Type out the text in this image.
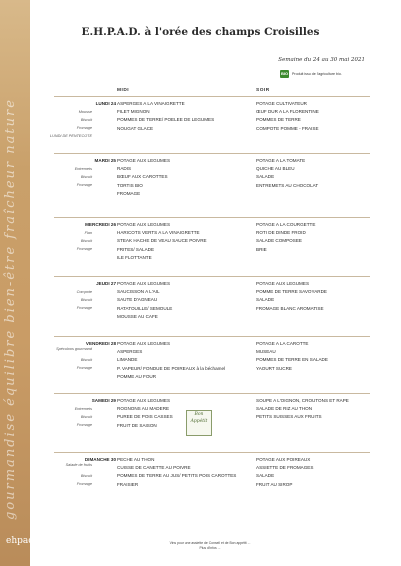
gourmandise équilibre bien-être fraîcheur nature
ehpad
E.H.P.A.D. à l'orée des champs Croisilles
Semaine du 24 au 30 mai 2021
BIO Produit issu de l'agriculture bio.
MIDI	SOIR
LUNDI 24 ASPERGES A LA VINAIGRETTE	POTAGE CULTIVATEUR
Mousse	FILET MIGNON	ŒUF DUR A LA FLORENTINE
Biscuit	POMMES DE TERRE/ POELEE DE LEGUMES	POMMES DE TERRE
Fromage	NOUGAT GLACE	COMPOTE POMME - FRAISE
LUNDI DE PENTECOTE
MARDI 25 POTAGE AUX LEGUMES	POTAGE A LA TOMATE
Entremets	RADIS	QUICHE AU BLEU
Biscuit	BŒUF AUX CAROTTES	SALADE
Fromage	TORTIS BIO	ENTREMETS AU CHOCOLAT
FROMAGE
MERCREDI 26 POTAGE AUX LEGUMES	POTAGE A LA COURGETTE
Flan	HARICOTS VERTS A LA VINAIGRETTE	ROTI DE DINDE FROID
Biscuit	STEAK HACHE DE VEAU SAUCE POIVRE	SALADE COMPOSEE
Fromage	FRITES/ SALADE	BRIE
ILE FLOTTANTE
JEUDI 27 POTAGE AUX LEGUMES	POTAGE AUX LEGUMES
Compote	SAUCISSON A L'AIL	POMME DE TERRE SAVOYARDE
Biscuit	SAUTE D'AGNEAU	SALADE
Fromage	RATATOUILLE/ SEMOULE	FROMAGE BLANC AROMATISE
MOUSSE AU CAFE
VENDREDI 28
Spéculoos gourmand
POTAGE AUX LEGUMES	POTAGE A LA CAROTTE
ASPERGES	MUSEAU
Biscuit	LIMANDE	POMMES DE TERRE EN SALADE
Fromage	P. VAPEUR/ FONDUE DE POIREAUX à la béchamel	YAOURT SUCRE
POMME AU FOUR
SAMEDI 29 POTAGE AUX LEGUMES	SOUPE A L'OIGNON, CROUTONS ET RAPE
Entremets	ROGNONS AU MADERE	SALADE DE RIZ AU THON
Biscuit	PUREE DE POIS CASSES	PETITS SUISSES AUX FRUITS
Fromage	FRUIT DE SAISON
DIMANCHE 30
Salade de fruits
PECHE AU THON	POTAGE AUX POIREAUX
CUISSE DE CANETTE AU POIVRE	ASSIETTE DE FROMAGES
Biscuit	POMMES DE TERRE AU JUS/ PETITS POIS CAROTTES	SALADE
Fromage	FRAISIER	FRUIT AU SIROP
Bon
Appétit
Vins pour une assiette de Conseil et de Bon appétit ...
Plus d'infos ...
